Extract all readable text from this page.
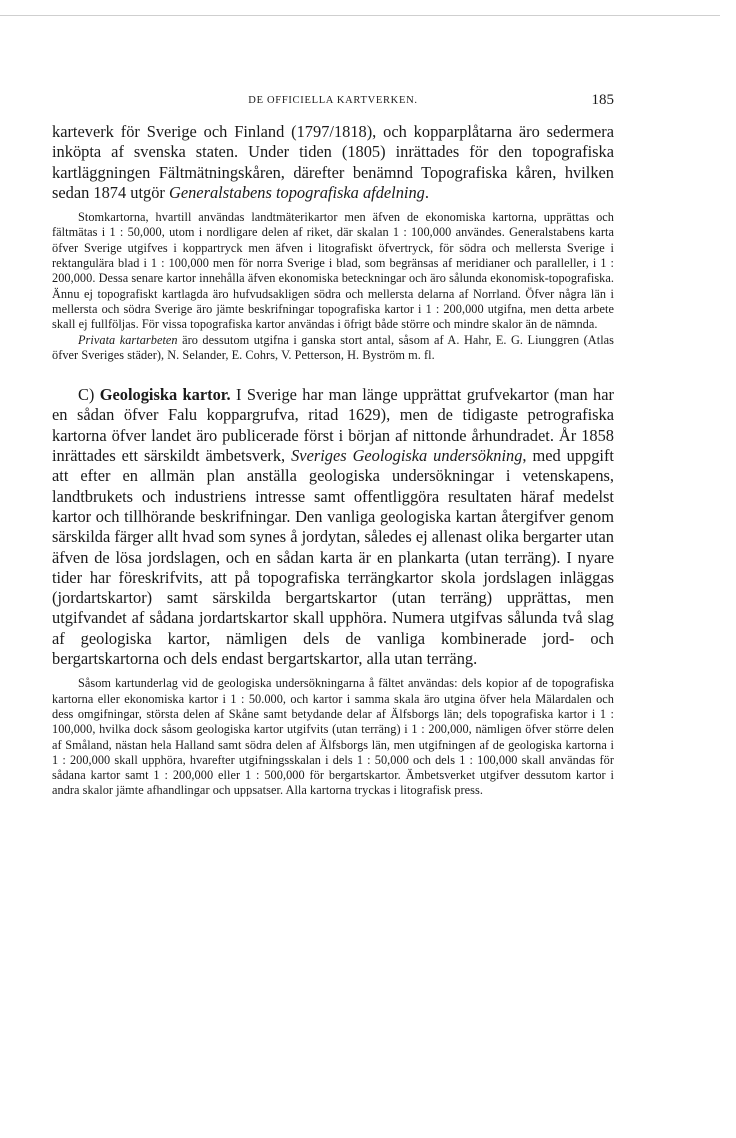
DE OFFICIELLA KARTVERKEN.	185

karteverk för Sverige och Finland (1797/1818), och kopparplåtarna äro sedermera inköpta af svenska staten. Under tiden (1805) inrättades för den topografiska kartläggningen Fältmätningskåren, därefter benämnd Topografiska kåren, hvilken sedan 1874 utgör Generalstabens topografiska afdelning.

Stomkartorna, hvartill användas landtmäterikartor men äfven de ekonomiska kartorna, upprättas och fältmätas i 1 : 50,000, utom i nordligare delen af riket, där skalan 1 : 100,000 användes. Generalstabens karta öfver Sverige utgifves i koppartryck men äfven i litografiskt öfvertryck, för södra och mellersta Sverige i rektangulära blad i 1 : 100,000 men för norra Sverige i blad, som begränsas af meridianer och paralleller, i 1 : 200,000. Dessa senare kartor innehålla äfven ekonomiska beteckningar och äro sålunda ekonomisk-topografiska. Ännu ej topografiskt kartlagda äro hufvudsakligen södra och mellersta delarna af Norrland. Öfver några län i mellersta och södra Sverige äro jämte beskrifningar topografiska kartor i 1 : 200,000 utgifna, men detta arbete skall ej fullföljas. För vissa topografiska kartor användas i öfrigt både större och mindre skalor än de nämnda.

Privata kartarbeten äro dessutom utgifna i ganska stort antal, såsom af A. Hahr, E. G. Liunggren (Atlas öfver Sveriges städer), N. Selander, E. Cohrs, V. Petterson, H. Byström m. fl.

C) Geologiska kartor. I Sverige har man länge upprättat grufvekartor (man har en sådan öfver Falu koppargrufva, ritad 1629), men de tidigaste petrografiska kartorna öfver landet äro publicerade först i början af nittonde århundradet. År 1858 inrättades ett särskildt ämbetsverk, Sveriges Geologiska undersökning, med uppgift att efter en allmän plan anställa geologiska undersökningar i vetenskapens, landtbrukets och industriens intresse samt offentliggöra resultaten häraf medelst kartor och tillhörande beskrifningar. Den vanliga geologiska kartan återgifver genom särskilda färger allt hvad som synes å jordytan, således ej allenast olika bergarter utan äfven de lösa jordslagen, och en sådan karta är en plankarta (utan terräng). I nyare tider har föreskrifvits, att på topografiska terrängkartor skola jordslagen inläggas (jordartskartor) samt särskilda bergartskartor (utan terräng) upprättas, men utgifvandet af sådana jordartskartor skall upphöra. Numera utgifvas sålunda två slag af geologiska kartor, nämligen dels de vanliga kombinerade jord- och bergartskartorna och dels endast bergartskartor, alla utan terräng.

Såsom kartunderlag vid de geologiska undersökningarna å fältet användas: dels kopior af de topografiska kartorna eller ekonomiska kartor i 1 : 50.000, och kartor i samma skala äro utgina öfver hela Mälardalen och dess omgifningar, största delen af Skåne samt betydande delar af Älfsborgs län; dels topografiska kartor i 1 : 100,000, hvilka dock såsom geologiska kartor utgifvits (utan terräng) i 1 : 200,000, nämligen öfver större delen af Småland, nästan hela Halland samt södra delen af Älfsborgs län, men utgifningen af de geologiska kartorna i 1 : 200,000 skall upphöra, hvarefter utgifningsskalan i dels 1 : 50,000 och dels 1 : 100,000 skall användas för sådana kartor samt 1 : 200,000 eller 1 : 500,000 för bergartskartor. Ämbetsverket utgifver dessutom kartor i andra skalor jämte afhandlingar och uppsatser. Alla kartorna tryckas i litografisk press.
